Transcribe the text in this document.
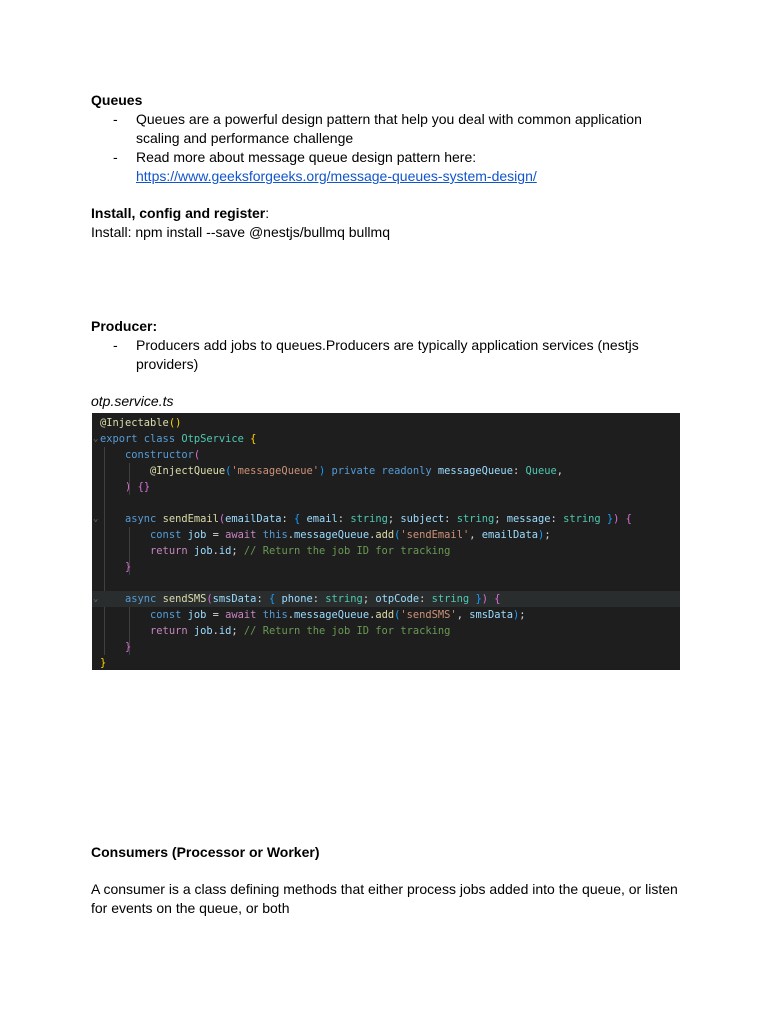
Queues
- Queues are a powerful design pattern that help you deal with common application scaling and performance challenge
- Read more about message queue design pattern here:
https://www.geeksforgeeks.org/message-queues-system-design/
Install, config and register:
Install: npm install --save @nestjs/bullmq bullmq
Producer:
- Producers add jobs to queues.Producers are typically application services (nestjs providers)
otp.service.ts
@Injectable()
⌄ export class OtpService {
constructor(
@InjectQueue('messageQueue') private readonly messageQueue: Queue,
) {}
⌄	async sendEmail(emailData: { email: string; subject: string; message: string }) {
const job = await this.messageQueue.add('sendEmail', emailData);
return job.id; // Return the job ID for tracking
}
⌄	async sendSMS(smsData: { phone: string; otpCode: string }) {
const job = await this.messageQueue.add('sendSMS', smsData);
return job.id; // Return the job ID for tracking
}
}
Consumers (Processor or Worker)
A consumer is a class defining methods that either process jobs added into the queue, or listen for events on the queue, or both
